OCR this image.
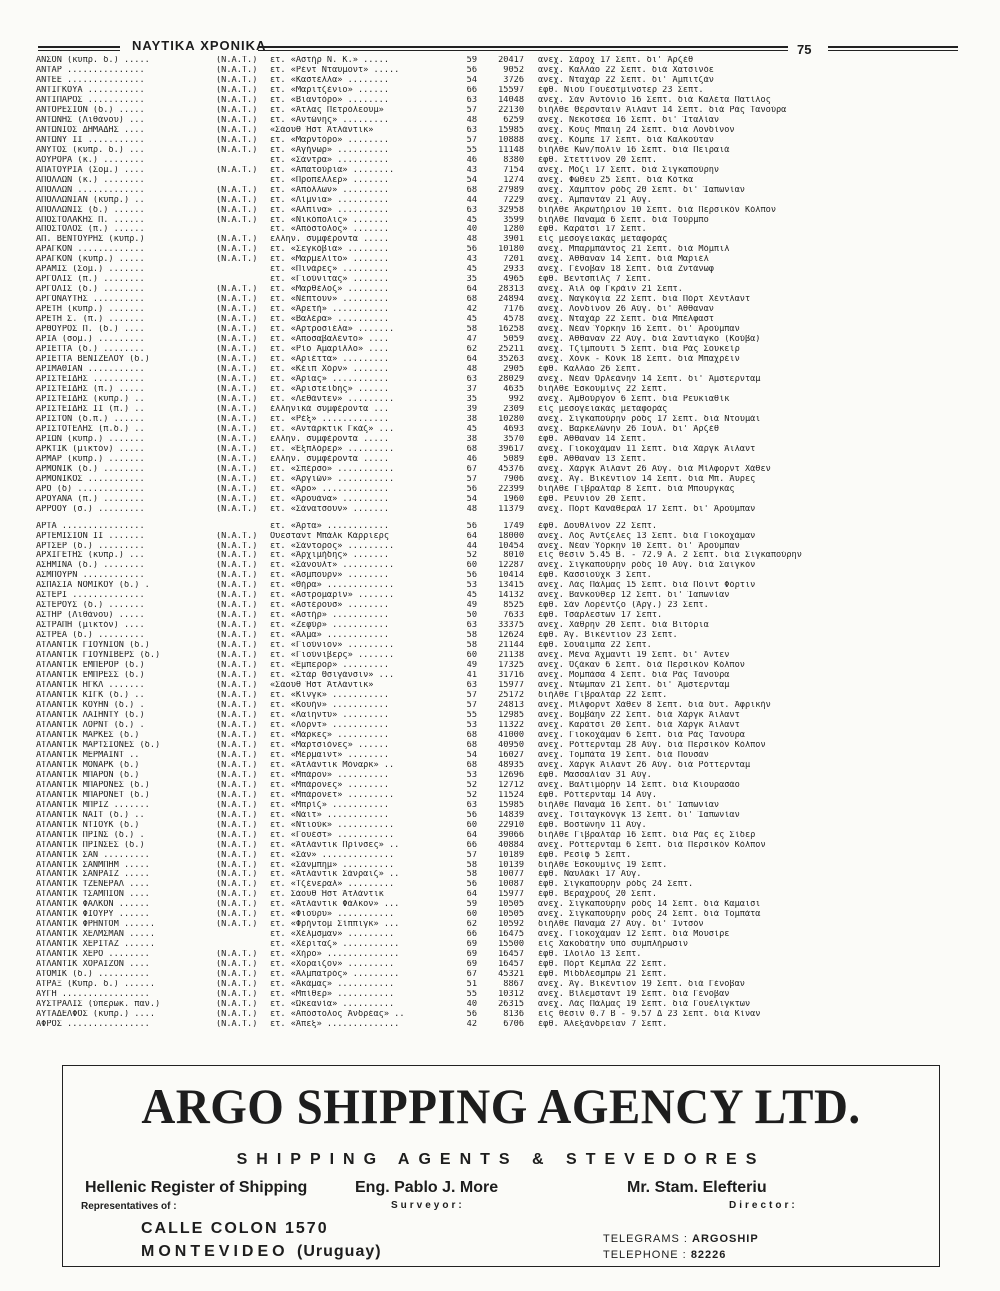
ΝΑΥΤΙΚΑ ΧΡΟΝΙΚΑ	75
ΑΝΣΟΝ (κυπρ. δ.) .....	(N.A.T.)	ετ. «Αστήρ Ν. Κ.» .....	59	20417	ανεχ. Σάροχ 17 Σεπτ. δι' Άρζέθ
ΑΝΤΑΡ ...............	(N.A.T.)	ετ. «Ρέντ Νταϋμοντ» .....	56	9052	ανεχ. Καλλάο 22 Σεπτ. διά Χατσινόε
ΑΝΤΕΕ ...............	(N.A.T.)	ετ. «Καστέλλα» ........	54	3726	ανεχ. Νταχάρ 22 Σεπτ. δι' Άμπιτζάν
ΑΝΤΙΓΚΟΥΑ ...........	(N.A.T.)	ετ. «Μαριτζένιο» ......	66	15597	έφθ. Νιού Γουέστμίνστερ 23 Σεπτ.
ΑΝΤΙΠΑΡΟΣ ...........	(N.A.T.)	ετ. «Βιαντόρο» ........	63	14048	ανεχ. Σάν Άντόνιο 16 Σεπτ. διά Καλέτα Πατίλος
ΑΝΤΟΡΕΣΙΟΝ (δ.) .....	(N.A.T.)	ετ. «Άτλας Πετρόλεουμ»	57	22130	διήλθε Θέρσνταϊν Άϊλαντ 14 Σεπτ. διά Ράς Τανούρα
ΑΝΤΩΝΗΣ (Λιθάνου) ...	(N.A.T.)	ετ. «Αντώνης» .........	48	6259	ανεχ. Νεκοτσέα 16 Σεπτ. δι' Ίταλίαν
ΑΝΤΩΝΙΟΣ ΔΗΜΑΔΗΣ ....	(N.A.T.)	«Σάουθ Ήστ Άτλάντικ»	63	15985	ανεχ. Κούς Μπαϊη 24 Σεπτ. διά Λονδίνον
ΑΝΤΩΝΥ ΙΙ ...........	(N.A.T.)	ετ. «Μαρντόρο» ........	57	10888	ανεχ. Κόμπε 17 Σεπτ. διά Καλκούταν
ΑΝΥΤΟΣ (κυπρ. δ.) ...	(N.A.T.)	ετ. «Αγήνωρ» ..........	55	11148	διήλθε Κων/πολιν 16 Σεπτ. διά Πειραιά
ΑΟΥΡΟΡΑ (κ.) ........	ετ. «Σάντρα» ..........	46	8380	έφθ. Στεττίνον 20 Σεπτ.
ΑΠΑΤΟΥΡΙΑ (Σομ.) ....	(N.A.T.)	ετ. «Απατούρια» ........	43	7154	ανεχ. Μόζι 17 Σεπτ. διά Σιγκαπούρην
ΑΠΟΛΛΩΝ (κ.) ........	ετ. «Προπέλλερ» .......	54	1274	ανεχ. Φώθεϋ 25 Σεπτ. διά Κότκα
ΑΠΟΛΛΩΝ .............	(N.A.T.)	ετ. «Απόλλων» .........	68	27989	ανεχ. Χάμπτον ρόδς 20 Σεπτ. δι' Ίαπωνίαν
ΑΠΟΛΛΩΝΙΑΝ (κυπρ.) ..	(N.A.T.)	ετ. «Λίμνια» ..........	44	7229	ανεχ. Άμπαντάν 21 Αύγ.
ΑΠΟΛΛΩΝΙΣ (δ.) ......	(N.A.T.)	ετ. «Αλπίνα» ..........	63	32958	διήλθε Άκρωτήριον 10 Σεπτ. διά Περσικόν Κόλπον
ΑΠΟΣΤΟΛΑΚΗΣ Π. ......	(N.A.T.)	ετ. «Νικόπολις» .......	45	3599	διήλθε Παναμά 6 Σεπτ. διά Τούρμπο
ΑΠΟΣΤΟΛΟΣ (π.) ......	ετ. «Απόστολος» .......	40	1280	έφθ. Καράτσι 17 Σεπτ.
ΑΠ. ΒΕΝΤΟΥΡΗΣ (κυπρ.)	(N.A.T.)	ελλην. συμφέροντα .....	48	3901	είς μεσογειακάς μεταφοράς
ΑΡΑΓΚΟΝ .............	(N.A.T.)	ετ. «Σεγκόβια» ........	56	10180	ανεχ. Μπαρμπάντος 21 Σεπτ. διά Μόμπιλ
ΑΡΑΓΚΟΝ (κυπρ.) .....	(N.A.T.)	ετ. «Μαρμελίτο» .......	43	7201	ανεχ. Άθθαναν 14 Σεπτ. διά Μαριέλ
ΑΡΑΜΙΣ (Σομ.) .......	ετ. «Πινάρες» .........	45	2933	ανεχ. Γένοβαν 18 Σεπτ. διά Ζντάνωφ
ΑΡΓΟΛΙΣ (π.) ........	ετ. «Γιούνιτας» .......	35	4965	έφθ. Βεντσπίλς 7 Σεπτ.
ΑΡΓΟΛΙΣ (δ.) ........	(N.A.T.)	ετ. «Μαρθέλοζ» ........	64	28313	ανεχ. Άϊλ όφ Γκράϊν 21 Σεπτ.
ΑΡΓΟΝΑΥΤΗΣ ..........	(N.A.T.)	ετ. «Νέπτουν» .........	68	24894	ανεχ. Ναγκόγια 22 Σεπτ. διά Πόρτ Χέντλαντ
ΑΡΕΤΗ (κυπρ.) .......	(N.A.T.)	ετ. «Άρετή» ...........	42	7176	ανεχ. Λονδίνον 26 Αύγ. δι' Άθθαναν
ΑΡΕΤΗ Σ. (π.) .......	(N.A.T.)	ετ. «Βαλέρα» ..........	45	4578	ανεχ. Νταχάρ 22 Σεπτ. διά Μπέλφαστ
ΑΡΘΟΥΡΟΣ Π. (δ.) ....	(N.A.T.)	ετ. «Αρτροσιέλα» .......	58	16258	ανεχ. Νέαν Ύόρκην 16 Σεπτ. δι' Άρούμπαν
ΑΡΙΑ (σομ.) .........	(N.A.T.)	ετ. «Αποσαβαλέντο» ....	47	5059	ανεχ. Άθθαναν 22 Αύγ. διά Σαντιάγκο (Κούβα)
ΑΡΙΕΤΤΑ (δ.) ........	(N.A.T.)	ετ. «Ρίο Άμαρίλλο» ....	62	25211	ανεχ. Τζίμπουτι 5 Σεπτ. διά Ράς Σουκείρ
ΑΡΙΕΤΤΑ ΒΕΝΙΖΕΛΟΥ (δ.)	(N.A.T.)	ετ. «Αριέττα» .........	64	35263	ανεχ. Χόνκ - Κόνκ 18 Σεπτ. διά Μπαχρέϊν
ΑΡΙΜΑΘΙΑΝ ...........	(N.A.T.)	ετ. «Κέϊπ Χόρν» .......	48	2905	έφθ. Καλλάο 26 Σεπτ.
ΑΡΙΣΤΕΙΔΗΣ ..........	(N.A.T.)	ετ. «Άρίας» ...........	63	28029	ανεχ. Νέαν Όρλεάνην 14 Σεπτ. δι' Άμστερνταμ
ΑΡΙΣΤΕΙΔΗΣ (π.) .....	(N.A.T.)	ετ. «Άριστείδης» ......	37	4635	διήλθε Έσκουμίνς 22 Σεπτ.
ΑΡΙΣΤΕΙΔΗΣ (κυπρ.) ..	(N.A.T.)	ετ. «Λεθάντεν» .........	35	992	ανεχ. Άμθούργον 6 Σεπτ. διά Ρεϋκιαθίκ
ΑΡΙΣΤΕΙΔΗΣ ΙΙ (π.) ..	(N.A.T.)	έλληνικά συμφέροντα ...	39	2309	είς μεσογειακάς μεταφοράς
ΑΡΙΣΤΟΝ (δ.π.) ......	(N.A.T.)	ετ. «Ρέξ» .............	38	10280	ανεχ. Σιγκαπούρην ρόδς 17 Σεπτ. διά Ντουμάϊ
ΑΡΙΣΤΟΤΕΛΗΣ (π.δ.) ..	(N.A.T.)	ετ. «Αντάρκτικ Γκάζ» ...	45	4693	ανεχ. Βαρκελώνην 26 Ίουλ. δι' Άρζέθ
ΑΡΙΩΝ (κυπρ.) .......	(N.A.T.)	ελλην. συμφέροντα .....	38	3570	έφθ. Άθθαναν 14 Σεπτ.
ΑΡΚΤΙΚ (μικτόν) .....	(N.A.T.)	ετ. «Έξπλόρερ» .........	68	39617	ανεχ. Γιοκοχάμαν 11 Σεπτ. διά Χάργκ Άϊλαντ
ΑΡΜΑΡ (κυπρ.) .......	(N.A.T.)	ελλην. συμφέροντα .....	46	5089	έφθ. Άθθαναν 13 Σεπτ.
ΑΡΜΟΝΙΚ (δ.) ........	(N.A.T.)	ετ. «Σπέρσο» ...........	67	45376	ανεχ. Χάργκ Άϊλαντ 26 Αύγ. διά Μίλφορντ Χάθεν
ΑΡΜΟΝΙΚΟΣ ...........	(N.A.T.)	ετ. «Άργιών» ...........	57	7906	ανεχ. Άγ. Βικέντιον 14 Σεπτ. διά Μπ. Άϋρες
ΑΡΟ (δ) .............	(N.A.T.)	ετ. «Άρο» .............	56	22399	διήλθε Γιβραλτάρ 8 Σεπτ. διά Μπουργκάς
ΑΡΟΥΑΝΑ (π.) ........	(N.A.T.)	ετ. «Άρουάνα» .........	54	1960	έφθ. Ρεϋνιόν 20 Σεπτ.
ΑΡΡΟΟΥ (σ.) .........	(N.A.T.)	ετ. «Σάνατσουν» .......	48	11379	ανεχ. Πόρτ Κανάθεραλ 17 Σεπτ. δι' Άρούμπαν
ΑΡΤΑ ................	ετ. «Άρτα» ............	56	1749	έφθ. Δουθλίνον 22 Σεπτ.
ΑΡΤΕΜΙΣΙΟΝ ΙΙ .......	(N.A.T.)	Ουεσταντ Μπάλκ Κάρριερς	64	18000	ανεχ. Λός Άντζελες 13 Σεπτ. διά Γιοκοχάμαν
ΑΡΤΣΕΡ (δ.) .........	(N.A.T.)	ετ. «Σάντορος» .........	44	10454	ανεχ. Νέαν Ύόρκην 10 Σεπτ. δι' Άρούμπαν
ΑΡΧΙΓΕΤΗΣ (κυπρ.) ...	(N.A.T.)	ετ. «Άρχιμήδης» .......	52	8010	είς θέσιν 5.45 Β. - 72.9 Α. 2 Σεπτ. διά Σιγκαπούρην
ΑΣΗΜΙΝΑ (δ.) ........	(N.A.T.)	ετ. «Σάνουλτ» ..........	60	12287	ανεχ. Σιγκαπούρην ρόδς 10 Αύγ. διά Σαΐγκόν
ΑΣΜΠΟΥΡΝ ............	(N.A.T.)	ετ. «Άσμπουρν» ........	56	10414	έφθ. Κασσιούχκ 3 Σεπτ.
ΑΣΠΑΣΙΑ ΝΟΜΙΚΟΥ (δ.) .	(N.A.T.)	ετ. «Θήρα» .............	53	13415	ανεχ. Λάς Πάλμας 15 Σεπτ. διά Πόϊντ Φόρτιν
ΑΣΤΕΡΙ ..............	(N.A.T.)	ετ. «Αστρομαρίν» .......	45	14132	ανεχ. Βανκούθερ 12 Σεπτ. δι' Ίαπωνίαν
ΑΣΤΕΡΟΥΣ (δ.) .......	(N.A.T.)	ετ. «Αστέρουσ» ........	49	8525	έφθ. Σάν Λορέντζο (Άργ.) 23 Σεπτ.
ΑΣΤΗΡ (Λιθάνου) .....	(N.A.T.)	ετ. «Αστήρ» ...........	50	7633	έφθ. Τσάρλεστων 17 Σεπτ.
ΑΣΤΡΑΠΗ (μικτόν) ....	(N.A.T.)	ετ. «Ζεφύρ» ...........	63	33375	ανεχ. Χάθρην 20 Σεπτ. διά Βιτόρια
ΑΣΤΡΕΑ (δ.) .........	(N.A.T.)	ετ. «Άλμα» ............	58	12624	έφθ. Άγ. Βικέντιον 23 Σεπτ.
ΑΤΛΑΝΤΙΚ ΓΙΟΥΝΙΟΝ (δ.)	(N.A.T.)	ετ. «Γιούνιον» .........	58	21144	έφθ. Σουάϊμπα 22 Σεπτ.
ΑΤΛΑΝΤΙΚ ΓΙΟΥΝΙΒΕΡΣ (δ.)	(N.A.T.)	ετ. «Γιούνιβερς» .......	60	21138	ανεχ. Μένα Άχμαντι 19 Σεπτ. δι' Άντεν
ΑΤΛΑΝΤΙΚ ΕΜΠΕΡΟΡ (δ.)	(N.A.T.)	ετ. «Έμπερορ» .........	49	17325	ανεχ. Όζάκαν 6 Σεπτ. διά Περσικόν Κόλπον
ΑΤΛΑΝΤΙΚ ΕΜΠΡΕΣΣ (δ.)	(N.A.T.)	ετ. «Στάρ Θσιγάνσιν» ...	41	31716	ανεχ. Μομπάσα 4 Σεπτ. διά Ράς Τανούρα
ΑΤΛΑΝΤΙΚ ΗΓΚΛ .......	(N.A.T.)	«Σάουθ Ήστ Άτλάντικ»	63	15977	ανεχ. Ντώμπαν 21 Σεπτ. δι' Άμστερνταμ
ΑΤΛΑΝΤΙΚ ΚΙΓΚ (δ.) ..	(N.A.T.)	ετ. «Κίνγκ» ...........	57	25172	διήλθε Γιβραλτάρ 22 Σεπτ.
ΑΤΛΑΝΤΙΚ ΚΟΥΗΝ (δ.) .	(N.A.T.)	ετ. «Κουήν» ...........	57	24813	ανεχ. Μίλφορντ Χάθεν 8 Σεπτ. διά δυτ. Άφρικήν
ΑΤΛΑΝΤΙΚ ΛΑΙΗΝΤΥ (δ.)	(N.A.T.)	ετ. «Λαίηντυ» .........	55	12985	ανεχ. Βομβάην 22 Σεπτ. διά Χάργκ Άϊλαντ
ΑΤΛΑΝΤΙΚ ΛΟΡΝΤ (δ.) .	(N.A.T.)	ετ. «Λόρντ» ...........	53	11322	ανεχ. Καράτσι 20 Σεπτ. διά Χάργκ Άϊλαντ
ΑΤΛΑΝΤΙΚ ΜΑΡΚΕΣ (δ.)	(N.A.T.)	ετ. «Μάρκες» ..........	68	41000	ανεχ. Γιοκοχάμαν 6 Σεπτ. διά Ράς Τανούρα
ΑΤΛΑΝΤΙΚ ΜΑΡΤΣΙΟΝΕΣ (δ.)	(N.A.T.)	ετ. «Μαρτσιόνες» ......	68	40950	ανεχ. Ρόττερνταμ 28 Αύγ. διά Περσικόν Κόλπον
ΑΤΛΑΝΤΙΚ ΜΕΡΜΑΙΝΤ ..	(N.A.T.)	ετ. «Μέρμαϊντ» ........	54	16027	ανεχ. Τομπάτα 19 Σεπτ. διά Πουσάν
ΑΤΛΑΝΤΙΚ ΜΟΝΑΡΚ (δ.)	(N.A.T.)	ετ. «Άτλάντικ Μόναρκ» ..	68	48935	ανεχ. Χάργκ Άϊλαντ 26 Αύγ. διά Ρόττερνταμ
ΑΤΛΑΝΤΙΚ ΜΠΑΡΟΝ (δ.)	(N.A.T.)	ετ. «Μπάρον» ..........	53	12696	έφθ. Μασσαλίαν 31 Αύγ.
ΑΤΛΑΝΤΙΚ ΜΠΑΡΟΝΕΣ (δ.)	(N.A.T.)	ετ. «Μπάρονες» ........	52	12712	ανεχ. Βαλτιμόρην 14 Σεπτ. διά Κιουρασάο
ΑΤΛΑΝΤΙΚ ΜΠΑΡΟΝΕΤ (δ.)	(N.A.T.)	ετ. «Μπάρονετ» .........	52	11524	έφθ. Ρόττερνταμ 14 Αύγ.
ΑΤΛΑΝΤΙΚ ΜΠΡΙΖ .......	(N.A.T.)	ετ. «Μπρίζ» ...........	63	15985	διήλθε Παναμά 16 Σεπτ. δι' Ίαπωνίαν
ΑΤΛΑΝΤΙΚ ΝΑΪΤ (δ.) ..	(N.A.T.)	ετ. «Νάϊτ» ............	56	14839	ανεχ. Τσιταγκόνγκ 13 Σεπτ. δι' Ίαπωνίαν
ΑΤΛΑΝΤΙΚ ΝΤΙΟΥΚ (δ.)	(N.A.T.)	ετ. «Ντιούκ» ...........	60	22910	έφθ. Βοστώνην 11 Αύγ.
ΑΤΛΑΝΤΙΚ ΠΡΙΝΣ (δ.) .	(N.A.T.)	ετ. «Γουέστ» ...........	64	39066	διήλθε Γιβραλτάρ 16 Σεπτ. διά Ράς ές Σίδερ
ΑΤΛΑΝΤΙΚ ΠΡΙΝΣΕΣ (δ.)	(N.A.T.)	ετ. «Άτλάντικ Πρίνσες» ..	66	40884	ανεχ. Ρόττερνταμ 6 Σεπτ. διά Περσικόν Κόλπον
ΑΤΛΑΝΤΙΚ ΣΑΝ .........	(N.A.T.)	ετ. «Σάν» ..............	57	10189	έφθ. Ρεσίφ 5 Σεπτ.
ΑΤΛΑΝΤΙΚ ΣΑΝΜΠΗΜ .....	(N.A.T.)	ετ. «Σάνμπημ» ..........	58	10139	διήλθε Έσκουμίνς 19 Σεπτ.
ΑΤΛΑΝΤΙΚ ΣΑΝΡΑΪΖ .....	(N.A.T.)	ετ. «Άτλάντικ Σάνραϊζ» ..	58	10077	έφθ. Ναυλάκι 17 Αύγ.
ΑΤΛΑΝΤΙΚ ΤΖΕΝΕΡΑΛ ....	(N.A.T.)	ετ. «Τζένεραλ» .........	56	10087	έφθ. Σιγκαπούρην ρόδς 24 Σεπτ.
ΑΤΛΑΝΤΙΚ ΤΣΑΜΠΙΟΝ ....	(N.A.T.)	ετ. Σάουθ Ήστ Άτλάντικ	64	15977	έφθ. Βεραχρούζ 20 Σεπτ.
ΑΤΛΑΝΤΙΚ ΦΑΛΚΟΝ ......	(N.A.T.)	ετ. «Άτλάντικ Φάλκον» ...	59	10505	ανεχ. Σιγκαπούρην ρόδς 14 Σεπτ. διά Καμαϊσι
ΑΤΛΑΝΤΙΚ ΦΙΟΥΡΥ ......	(N.A.T.)	ετ. «Φιούρυ» ...........	60	10505	ανεχ. Σιγκαπούρην ρόδς 24 Σεπτ. διά Τομπάτα
ΑΤΛΑΝΤΙΚ ΦΡΗΝΤΟΜ ......	(N.A.T.)	ετ. «Φρήντομ Σίππιγκ» ...	62	10592	διήλθε Παναμά 27 Αύγ. δι' Ίντσόν
ΑΤΛΑΝΤΙΚ ΧΕΛΜΣΜΑΝ .....	ετ. «Χέλμσμαν» .........	66	16475	ανεχ. Γιοκοχάμαν 12 Σεπτ. διά Μουσίρε
ΑΤΛΑΝΤΙΚ ΧΕΡΙΤΑΖ ......	ετ. «Χέριταζ» ...........	69	15500	είς Χακοδάτην ύπό συμπλήρωσιν
ΑΤΛΑΝΤΙΚ ΧΕΡΟ ........	(N.A.T.)	ετ. «Χήρο» ..............	69	16457	έφθ. Ίλοίλο 13 Σεπτ.
ΑΤΛΑΝΤΙΚ ΧΟΡΑΪΖΟΝ ....	(N.A.T.)	ετ. «Χοραϊζον» .........	69	16457	έφθ. Πόρτ Κέμπλα 22 Σεπτ.
ΑΤΟΜΙΚ (δ.) ..........	(N.A.T.)	ετ. «Άλμπατρός» .........	67	45321	έφθ. Μίδδλεσμπρω 21 Σεπτ.
ΑΤΡΑΞ (Κυπρ. δ.) ......	(N.A.T.)	ετ. «Άκάμας» ...........	51	8867	ανεχ. Άγ. Βικέντιον 19 Σεπτ. διά Γένοβαν
ΑΥΓΗ .................	(N.A.T.)	ετ. «Μπίθερ» ...........	55	10312	ανεχ. Βίλεμσταντ 19 Σεπτ. διά Γένοβαν
ΑΥΣΤΡΑΛΙΣ (ύπερωκ. παν.)	(N.A.T.)	ετ. «Ώκεανία» ..........	40	26315	ανεχ. Λάς Πάλμας 19 Σεπτ. διά Γουέλιγκτων
ΑΥΤΑΔΕΛΦΟΣ (κυπρ.) ....	(N.A.T.)	ετ. «Απόστολος Άνδρέας» ..	56	8136	είς θέσιν 0.7 Β - 9.57 Δ 23 Σεπτ. διά Κίναν
ΑΦΡΟΣ ................	(N.A.T.)	ετ. «Άπεξ» ..............	42	6706	έφθ. Άλεξάνδρειαν 7 Σεπτ.
ARGO SHIPPING AGENCY LTD.
SHIPPING AGENTS & STEVEDORES
Hellenic Register of Shipping
Representatives of :
Eng. Pablo J. More
Surveyor:
Mr. Stam. Elefteriu
Director:
CALLE COLON 1570
MONTEVIDEO (Uruguay)
TELEGRAMS : ARGOSHIP
TELEPHONE : 82226
